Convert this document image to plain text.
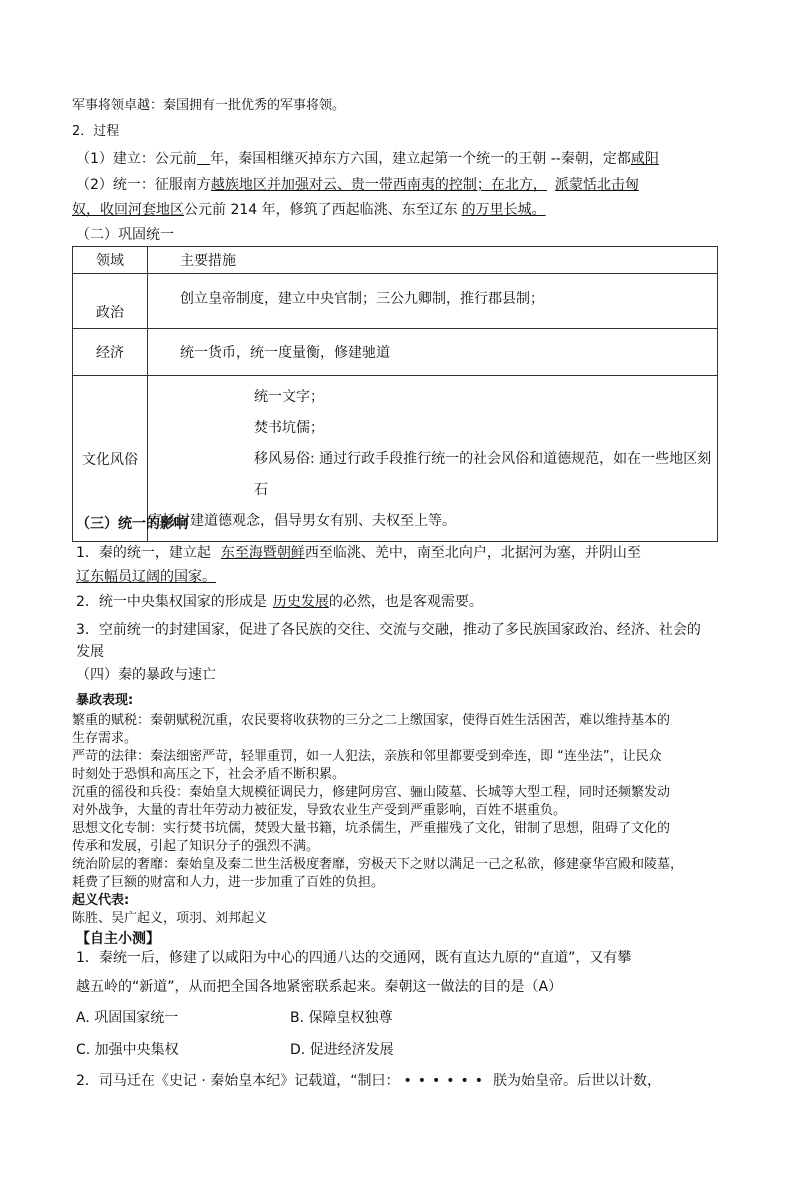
军事将领卓越：秦国拥有一批优秀的军事将领。
2．过程
（1）建立：公元前 年，秦国相继灭掉东方六国，建立起第一个统一的王朝 --秦朝，定都咸阳
（2）统一：征服南方越族地区并加强对云、贵一带西南夷的控制；在北方， 派蒙恬北击匈
奴，收回河套地区公元前 214 年，修筑了西起临洮、东至辽东 的万里长城。
（二）巩固统一
领域	主要措施
政治	创立皇帝制度，建立中央官制；三公九卿制，推行郡县制；
经济	统一货币，统一度量衡，修建驰道
文化风俗	统一文字；
焚书坑儒；
移风易俗: 通过行政手段推行统一的社会风俗和道德规范，如在一些地区刻石
宣扬封建道德观念，倡导男女有别、夫权至上等。
（三）统一的影响
1．秦的统一，建立起 东至海暨朝鲜西至临洮、羌中，南至北向户，北据河为塞，并阴山至
辽东幅员辽阔的国家。
2．统一中央集权国家的形成是 历史发展的必然，也是客观需要。
3．空前统一的封建国家，促进了各民族的交往、交流与交融，推动了多民族国家政治、经济、社会的
发展
（四）秦的暴政与速亡
暴政表现:
繁重的赋税：秦朝赋税沉重，农民要将收获物的三分之二上缴国家，使得百姓生活困苦，难以维持基本的
生存需求。
严苛的法律：秦法细密严苛，轻罪重罚，如一人犯法，亲族和邻里都要受到牵连，即 “连坐法”，让民众
时刻处于恐惧和高压之下，社会矛盾不断积累。
沉重的徭役和兵役：秦始皇大规模征调民力，修建阿房宫、骊山陵墓、长城等大型工程，同时还频繁发动
对外战争，大量的青壮年劳动力被征发，导致农业生产受到严重影响，百姓不堪重负。
思想文化专制：实行焚书坑儒，焚毁大量书籍，坑杀儒生，严重摧残了文化，钳制了思想，阻碍了文化的
传承和发展，引起了知识分子的强烈不满。
统治阶层的奢靡：秦始皇及秦二世生活极度奢靡，穷极天下之财以满足一己之私欲，修建豪华宫殿和陵墓，
耗费了巨额的财富和人力，进一步加重了百姓的负担。
起义代表:
陈胜、吴广起义，项羽、刘邦起义
【自主小测】
1．秦统一后，修建了以咸阳为中心的四通八达的交通网，既有直达九原的“直道”，又有攀
越五岭的“新道”，从而把全国各地紧密联系起来。秦朝这一做法的目的是（A）
A. 巩固国家统一	B. 保障皇权独尊
C. 加强中央集权	D. 促进经济发展
2．司马迁在《史记 · 秦始皇本纪》记载道，“制曰： •••••• 朕为始皇帝。后世以计数，
